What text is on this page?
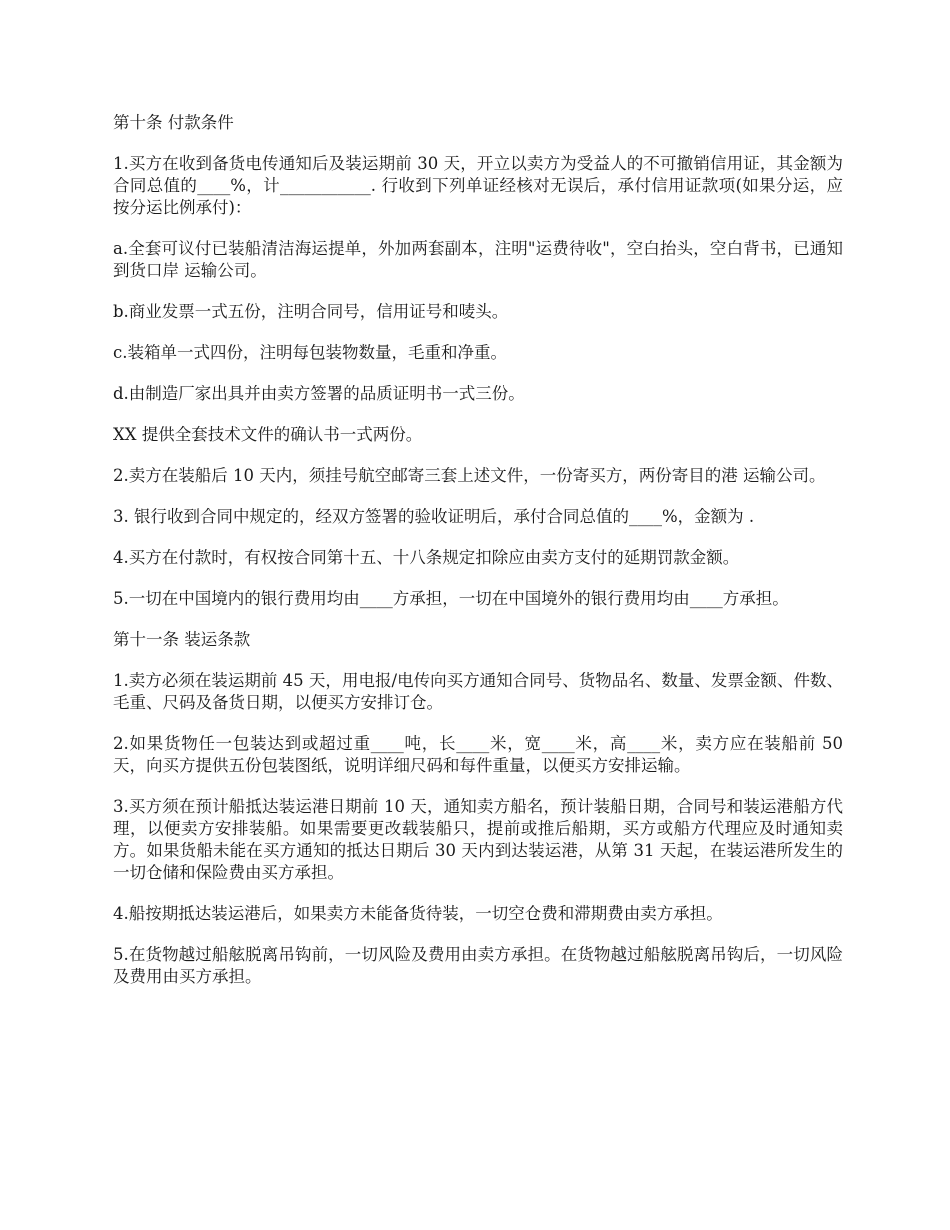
第十条 付款条件

1.买方在收到备货电传通知后及装运期前 30 天，开立以卖方为受益人的不可撤销信用证，其金额为合同总值的____%，计___________. 行收到下列单证经核对无误后，承付信用证款项(如果分运，应按分运比例承付)：

a.全套可议付已装船清洁海运提单，外加两套副本，注明"运费待收"，空白抬头，空白背书，已通知到货口岸 运输公司。

b.商业发票一式五份，注明合同号，信用证号和唛头。

c.装箱单一式四份，注明每包装物数量，毛重和净重。

d.由制造厂家出具并由卖方签署的品质证明书一式三份。

XX 提供全套技术文件的确认书一式两份。

2.卖方在装船后 10 天内，须挂号航空邮寄三套上述文件，一份寄买方，两份寄目的港 运输公司。

3. 银行收到合同中规定的，经双方签署的验收证明后，承付合同总值的____%，金额为 .

4.买方在付款时，有权按合同第十五、十八条规定扣除应由卖方支付的延期罚款金额。

5.一切在中国境内的银行费用均由____方承担，一切在中国境外的银行费用均由____方承担。

第十一条 装运条款

1.卖方必须在装运期前 45 天，用电报/电传向买方通知合同号、货物品名、数量、发票金额、件数、毛重、尺码及备货日期，以便买方安排订仓。

2.如果货物任一包装达到或超过重____吨，长____米，宽____米，高____米，卖方应在装船前 50 天，向买方提供五份包装图纸，说明详细尺码和每件重量，以便买方安排运输。

3.买方须在预计船抵达装运港日期前 10 天，通知卖方船名，预计装船日期，合同号和装运港船方代理，以便卖方安排装船。如果需要更改载装船只，提前或推后船期，买方或船方代理应及时通知卖方。如果货船未能在买方通知的抵达日期后 30 天内到达装运港，从第 31 天起，在装运港所发生的一切仓储和保险费由买方承担。

4.船按期抵达装运港后，如果卖方未能备货待装，一切空仓费和滞期费由卖方承担。

5.在货物越过船舷脱离吊钩前，一切风险及费用由卖方承担。在货物越过船舷脱离吊钩后，一切风险及费用由买方承担。
